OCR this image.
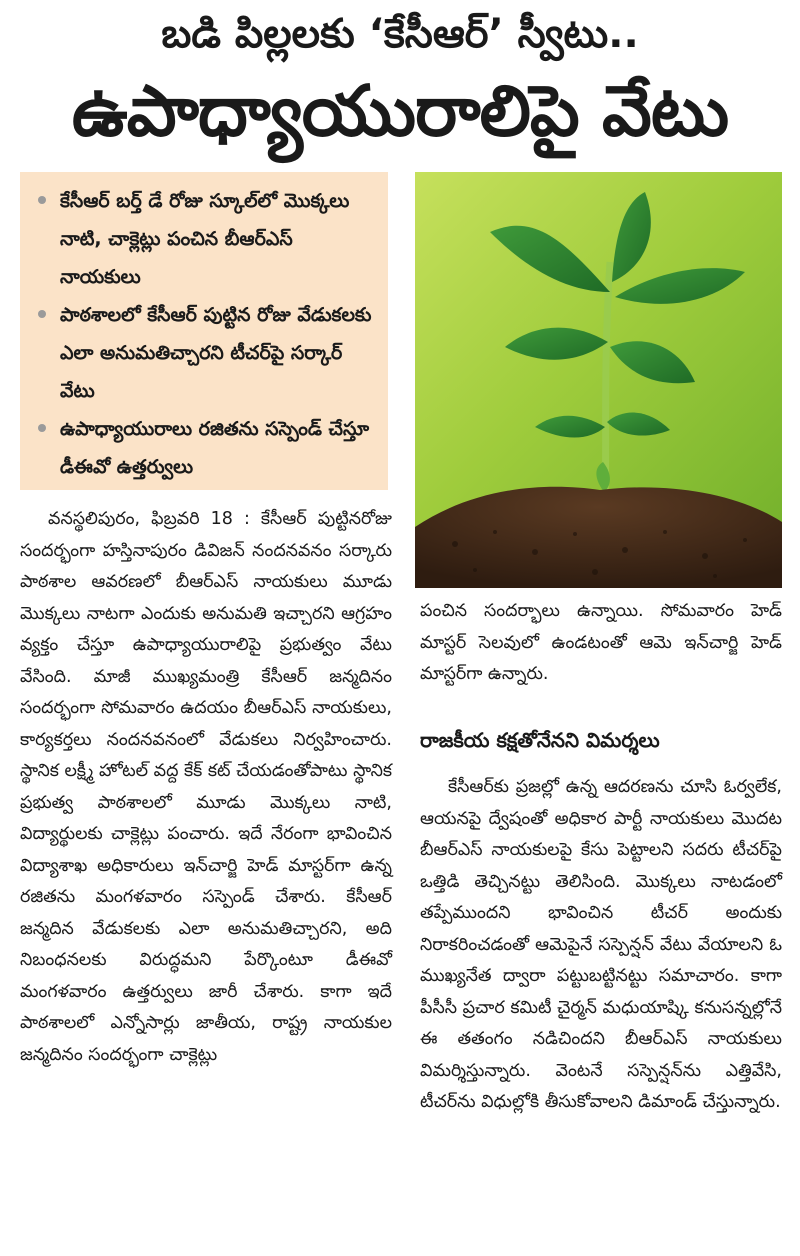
బడి పిల్లలకు ‘కేసీఆర్’ స్వీటు..
ఉపాధ్యాయురాలిపై వేటు
కేసీఆర్ బర్త్ డే రోజు స్కూల్‌లో మొక్కలు నాటి, చాక్లెట్లు పంచిన బీఆర్‌ఎస్ నాయకులు
పాఠశాలలో కేసీఆర్ పుట్టిన రోజు వేడుకలకు ఎలా అనుమతిచ్చారని టీచర్‌పై సర్కార్ వేటు
ఉపాధ్యాయురాలు రజితను సస్పెండ్ చేస్తూ డీఈవో ఉత్తర్వులు

వనస్థలిపురం, ఫిబ్రవరి 18 : కేసీఆర్ పుట్టినరోజు సందర్భంగా హస్తినాపురం డివిజన్ నందనవనం సర్కారు పాఠశాల ఆవరణలో బీఆర్ఎస్ నాయకులు మూడు మొక్కలు నాటగా ఎందుకు అనుమతి ఇచ్చారని ఆగ్రహం వ్యక్తం చేస్తూ ఉపాధ్యాయురాలిపై ప్రభుత్వం వేటు వేసింది. మాజీ ముఖ్యమంత్రి కేసీఆర్ జన్మదినం సందర్భంగా సోమవారం ఉదయం బీఆర్ఎస్ నాయకులు, కార్యకర్తలు నందనవనంలో వేడుకలు నిర్వహించారు. స్థానిక లక్ష్మీ హోటల్ వద్ద కేక్ కట్ చేయడంతోపాటు స్థానిక ప్రభుత్వ పాఠశాలలో మూడు మొక్కలు నాటి, విద్యార్థులకు చాక్లెట్లు పంచారు. ఇదే నేరంగా భావించిన విద్యాశాఖ అధికారులు ఇన్‌చార్జి హెడ్ మాస్టర్‌గా ఉన్న రజితను మంగళవారం సస్పెండ్ చేశారు. కేసీఆర్ జన్మదిన వేడుకలకు ఎలా అనుమతిచ్చారని, అది నిబంధనలకు విరుద్ధమని పేర్కొంటూ డీఈవో మంగళవారం ఉత్తర్వులు జారీ చేశారు. కాగా ఇదే పాఠశాలలో ఎన్నోసార్లు జాతీయ, రాష్ట్ర నాయకుల జన్మదినం సందర్భంగా చాక్లెట్లు

పంచిన సందర్భాలు ఉన్నాయి. సోమవారం హెడ్ మాస్టర్ సెలవులో ఉండటంతో ఆమె ఇన్‌చార్జి హెడ్ మాస్టర్‌గా ఉన్నారు.

రాజకీయ కక్షతోనేనని విమర్శలు

కేసీఆర్‌కు ప్రజల్లో ఉన్న ఆదరణను చూసి ఓర్వలేక, ఆయనపై ద్వేషంతో అధికార పార్టీ నాయకులు మొదట బీఆర్ఎస్ నాయకులపై కేసు పెట్టాలని సదరు టీచర్‌పై ఒత్తిడి తెచ్చినట్టు తెలిసింది. మొక్కలు నాటడంలో తప్పేముందని భావించిన టీచర్ అందుకు నిరాకరించడంతో ఆమెపైనే సస్పెన్షన్ వేటు వేయాలని ఓ ముఖ్యనేత ద్వారా పట్టుబట్టినట్టు సమాచారం. కాగా పీసీసీ ప్రచార కమిటీ చైర్మన్ మధుయాష్కి కనుసన్నల్లోనే ఈ తతంగం నడిచిందని బీఆర్ఎస్ నాయకులు విమర్శిస్తున్నారు. వెంటనే సస్పెన్షన్‌ను ఎత్తివేసి, టీచర్‌ను విధుల్లోకి తీసుకోవాలని డిమాండ్ చేస్తున్నారు.
